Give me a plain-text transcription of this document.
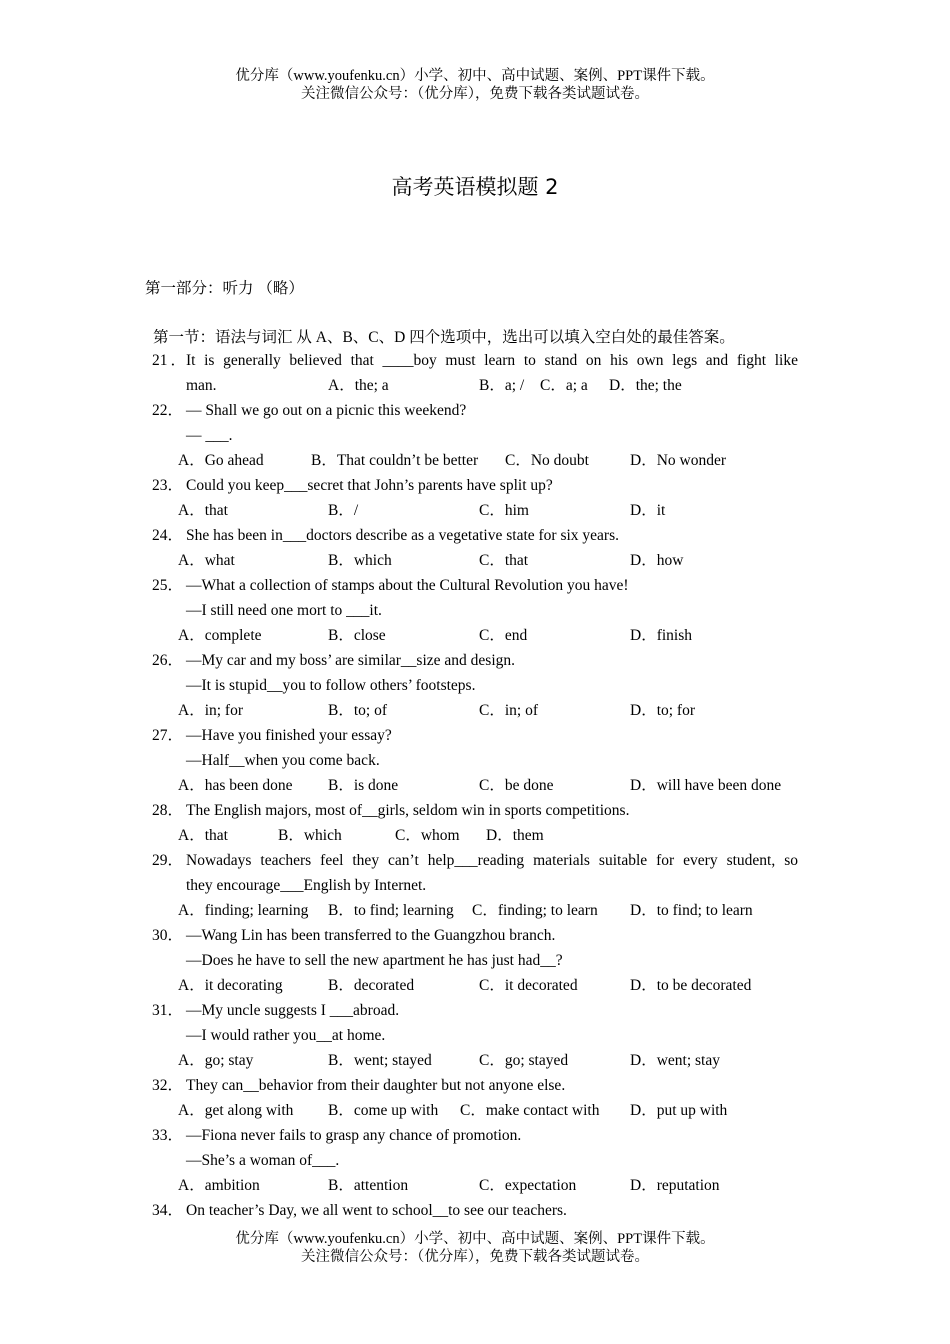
优分库（www.youfenku.cn）小学、初中、高中试题、案例、PPT课件下载。
关注微信公众号：（优分库），免费下载各类试题试卷。
高考英语模拟题 2
第一部分：听力 （略）
第一节：语法与词汇 从 A、B、C、D 四个选项中，选出可以填入空白处的最佳答案。
21． It is generally believed that ____boy must learn to stand on his own legs and fight like
man.	A．the; a	B．a; / C．a; a D．the; the
22． — Shall we go out on a picnic this weekend?
— ___.
A．Go ahead	B．That couldn’t be better C．No doubt	D．No wonder
23． Could you keep___secret that John’s parents have split up?
A．that	B．/	C．him	D．it
24． She has been in___doctors describe as a vegetative state for six years.
A．what	B．which	C．that	D．how
25． —What a collection of stamps about the Cultural Revolution you have!
—I still need one mort to ___it.
A．complete	B．close	C．end	D．finish
26． —My car and my boss’ are similar__size and design.
—It is stupid__you to follow others’ footsteps.
A．in; for	B．to; of	C．in; of	D．to; for
27． —Have you finished your essay?
—Half__when you come back.
A．has been done B．is done	C．be done	D．will have been done
28． The English majors, most of__girls, seldom win in sports competitions.
A．that	B．which	C．whom D．them
29． Nowadays teachers feel they can’t help___reading materials suitable for every student, so
they encourage___English by Internet.
A．finding; learning B．to find; learning C．finding; to learn D．to find; to learn
30． —Wang Lin has been transferred to the Guangzhou branch.
—Does he have to sell the new apartment he has just had__?
A．it decorating	B．decorated	C．it decorated	D．to be decorated
31． —My uncle suggests I ___abroad.
—I would rather you__at home.
A．go; stay	B．went; stayed	C．go; stayed	D．went; stay
32． They can__behavior from their daughter but not anyone else.
A．get along with B．come up with C．make contact with D．put up with
33． —Fiona never fails to grasp any chance of promotion.
—She’s a woman of___.
A．ambition	B．attention	C．expectation	D．reputation
34． On teacher’s Day, we all went to school__to see our teachers.
优分库（www.youfenku.cn）小学、初中、高中试题、案例、PPT课件下载。
关注微信公众号：（优分库），免费下载各类试题试卷。
